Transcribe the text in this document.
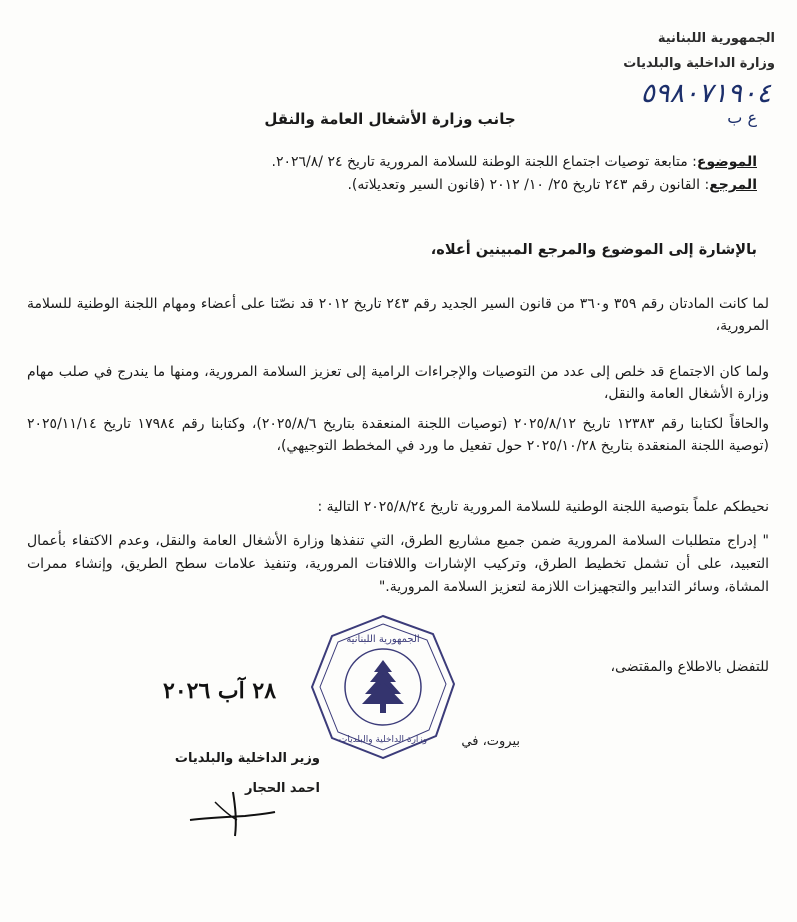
الجمهورية اللبنانية
وزارة الداخلية والبلديات
٥٩٨٠٧١٩٠٤
ع ب
جانب وزارة الأشغال العامة والنقل
الموضوع: متابعة توصيات اجتماع اللجنة الوطنة للسلامة المرورية تاريخ ٢٤ /٢٠٢٦/٨.
المرجع: القانون رقم ٢٤٣ تاريخ ٢٥/ ١٠/ ٢٠١٢ (قانون السير وتعديلاته).
بالإشارة إلى الموضوع والمرجع المبينين أعلاه،
لما كانت المادتان رقم ٣٥٩ و٣٦٠ من قانون السير الجديد رقم ٢٤٣ تاريخ ٢٠١٢ قد نصّتا على أعضاء ومهام اللجنة الوطنية للسلامة المرورية،
ولما كان الاجتماع قد خلص إلى عدد من التوصيات والإجراءات الرامية إلى تعزيز السلامة المرورية، ومنها ما يندرج في صلب مهام وزارة الأشغال العامة والنقل،
والحاقاً لكتابنا رقم ١٢٣٨٣ تاريخ ٢٠٢٥/٨/١٢ (توصيات اللجنة المنعقدة بتاريخ ٢٠٢٥/٨/٦)، وكتابنا رقم ١٧٩٨٤ تاريخ ٢٠٢٥/١١/١٤ (توصية اللجنة المنعقدة بتاريخ ٢٠٢٥/١٠/٢٨ حول تفعيل ما ورد في المخطط التوجيهي)،
نحيطكم علماً بتوصية اللجنة الوطنية للسلامة المرورية تاريخ ٢٠٢٥/٨/٢٤ التالية :
" إدراج متطلبات السلامة المرورية ضمن جميع مشاريع الطرق، التي تنفذها وزارة الأشغال العامة والنقل، وعدم الاكتفاء بأعمال التعبيد، على أن تشمل تخطيط الطرق، وتركيب الإشارات واللافتات المرورية، وتنفيذ علامات سطح الطريق، وإنشاء ممرات المشاة، وسائر التدابير والتجهيزات اللازمة لتعزيز السلامة المرورية."
الجمهورية اللبنانية
وزارة الداخلية والبلديات
للتفضل بالاطلاع والمقتضى،
٢٨ آب ٢٠٢٦
بيروت، في
وزير الداخلية والبلديات
احمد الحجار
